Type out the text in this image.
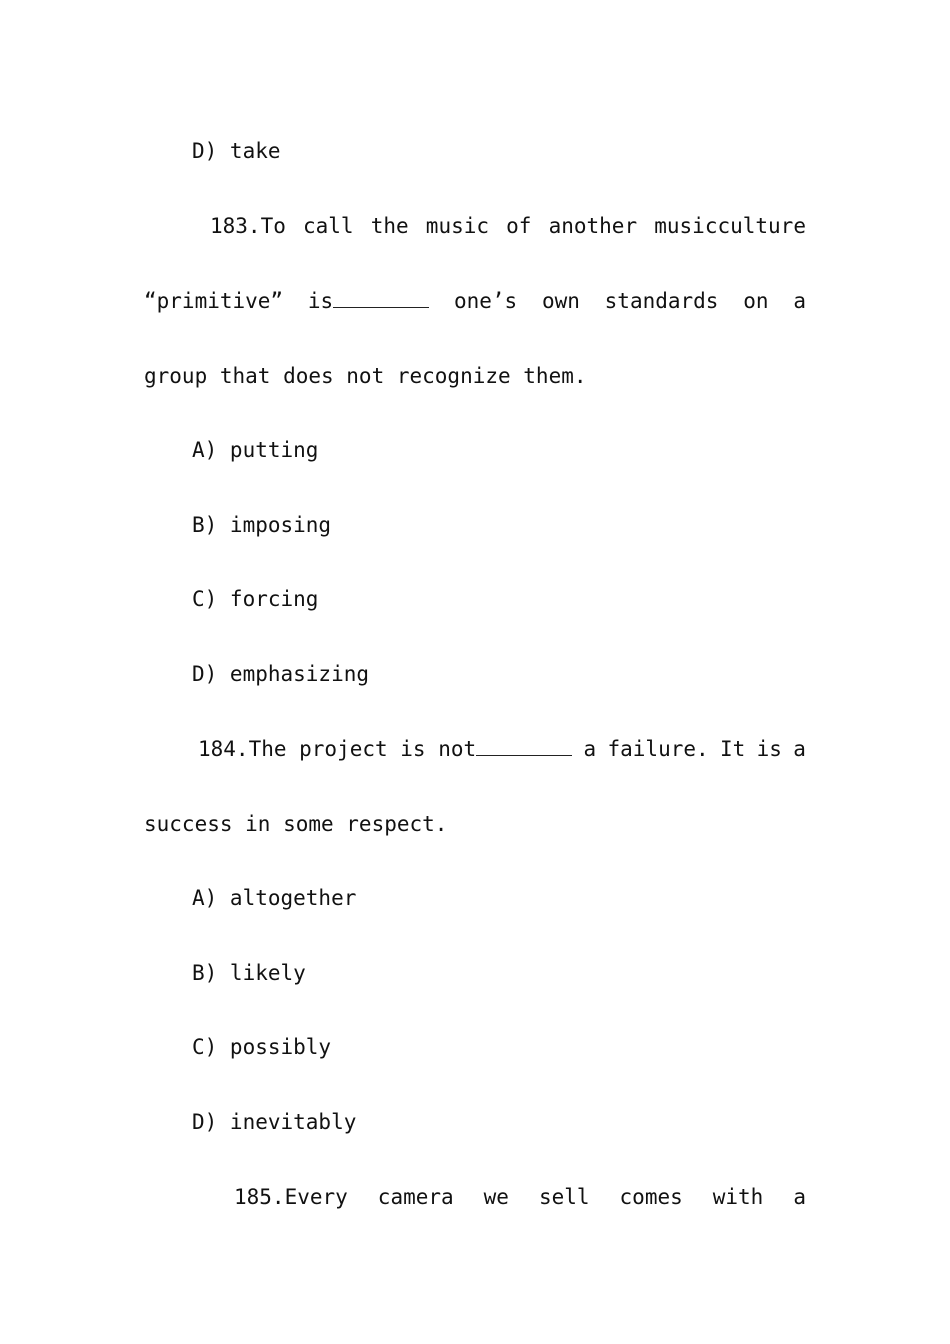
D) take
183.To call the music of another musicculture
“primitive” is	one’s own standards on a
group that does not recognize them.
A) putting
B) imposing
C) forcing
D) emphasizing
184.The project is not	a failure. It is a
success in some respect.
A) altogether
B) likely
C) possibly
D) inevitably
185.Every camera we sell comes with a
